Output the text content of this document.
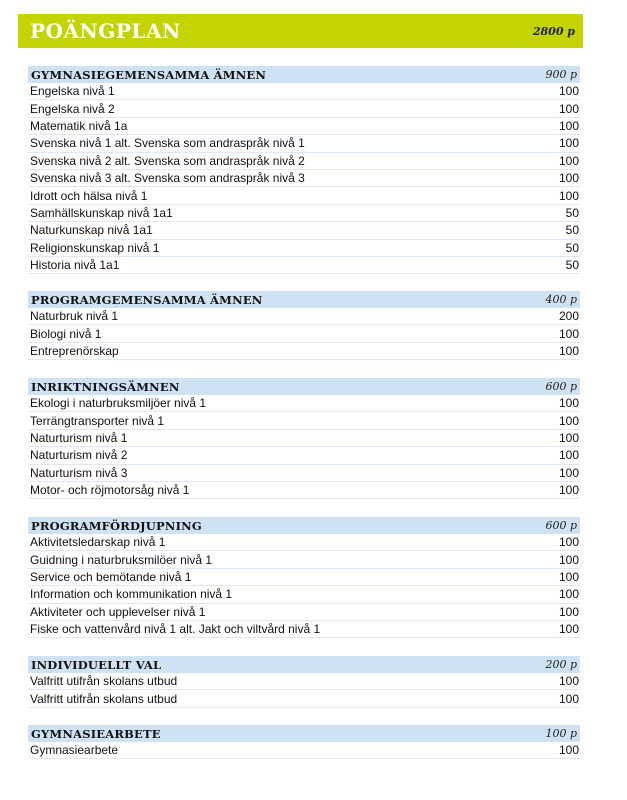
POÄNGPLAN	2800 p
GYMNASIEGEMENSAMMA ÄMNEN	900 p
Engelska nivå 1	100
Engelska nivå 2	100
Matematik nivå 1a	100
Svenska nivå 1 alt. Svenska som andraspråk nivå 1	100
Svenska nivå 2 alt. Svenska som andraspråk nivå 2	100
Svenska nivå 3 alt. Svenska som andraspråk nivå 3	100
Idrott och hälsa nivå 1	100
Samhällskunskap nivå 1a1	50
Naturkunskap nivå 1a1	50
Religionskunskap nivå 1	50
Historia nivå 1a1	50
PROGRAMGEMENSAMMA ÄMNEN	400 p
Naturbruk nivå 1	200
Biologi nivå 1	100
Entreprenörskap	100
INRIKTNINGSÄMNEN	600 p
Ekologi i naturbruksmiljöer nivå 1	100
Terrängtransporter nivå 1	100
Naturturism nivå 1	100
Naturturism nivå 2	100
Naturturism nivå 3	100
Motor- och röjmotorsåg nivå 1	100
PROGRAMFÖRDJUPNING	600 p
Aktivitetsledarskap nivå 1	100
Guidning i naturbruksmilöer nivå 1	100
Service och bemötande nivå 1	100
Information och kommunikation nivå 1	100
Aktiviteter och upplevelser nivå 1	100
Fiske och vattenvård nivå 1 alt. Jakt och viltvård nivå 1	100
INDIVIDUELLT VAL	200 p
Valfritt utifrån skolans utbud	100
Valfritt utifrån skolans utbud	100
GYMNASIEARBETE	100 p
Gymnasiearbete	100
